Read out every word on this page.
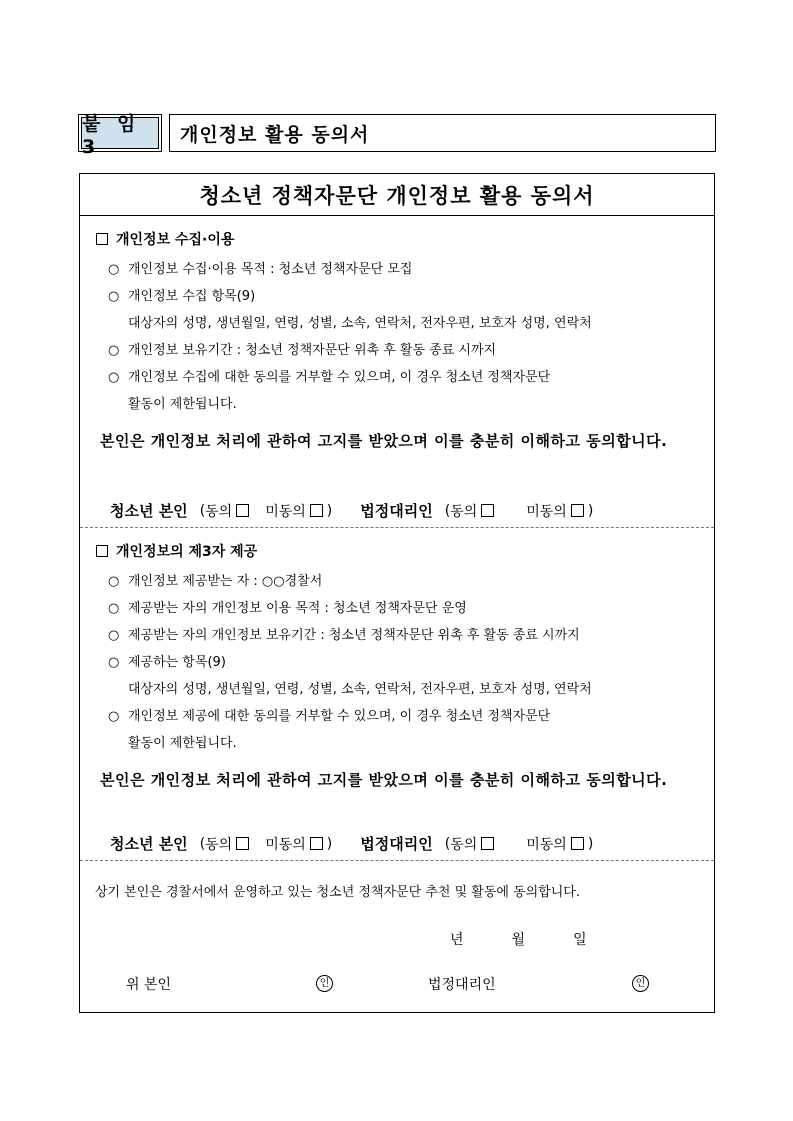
붙 임 3
개인정보 활용 동의서
청소년 정책자문단 개인정보 활용 동의서
개인정보 수집·이용
○ 개인정보 수집·이용 목적 : 청소년 정책자문단 모집
○ 개인정보 수집 항목(9)
대상자의 성명, 생년월일, 연령, 성별, 소속, 연락처, 전자우편, 보호자 성명, 연락처
○ 개인정보 보유기간 : 청소년 정책자문단 위촉 후 활동 종료 시까지
○ 개인정보 수집에 대한 동의를 거부할 수 있으며, 이 경우 청소년 정책자문단
활동이 제한됩니다.
본인은 개인정보 처리에 관하여 고지를 받았으며 이를 충분히 이해하고 동의합니다.
청소년 본인 ( 동의 미동의 ) 법정대리인 ( 동의	미동의 )
개인정보의 제3자 제공
○ 개인정보 제공받는 자 : ○○경찰서
○ 제공받는 자의 개인정보 이용 목적 : 청소년 정책자문단 운영
○ 제공받는 자의 개인정보 보유기간 : 청소년 정책자문단 위촉 후 활동 종료 시까지
○ 제공하는 항목(9)
대상자의 성명, 생년월일, 연령, 성별, 소속, 연락처, 전자우편, 보호자 성명, 연락처
○ 개인정보 제공에 대한 동의를 거부할 수 있으며, 이 경우 청소년 정책자문단
활동이 제한됩니다.
본인은 개인정보 처리에 관하여 고지를 받았으며 이를 충분히 이해하고 동의합니다.
청소년 본인 ( 동의 미동의 ) 법정대리인 ( 동의	미동의 )
상기 본인은 경찰서에서 운영하고 있는 청소년 정책자문단 추천 및 활동에 동의합니다.
년	월	일
위 본인	인	법정대리인	인
